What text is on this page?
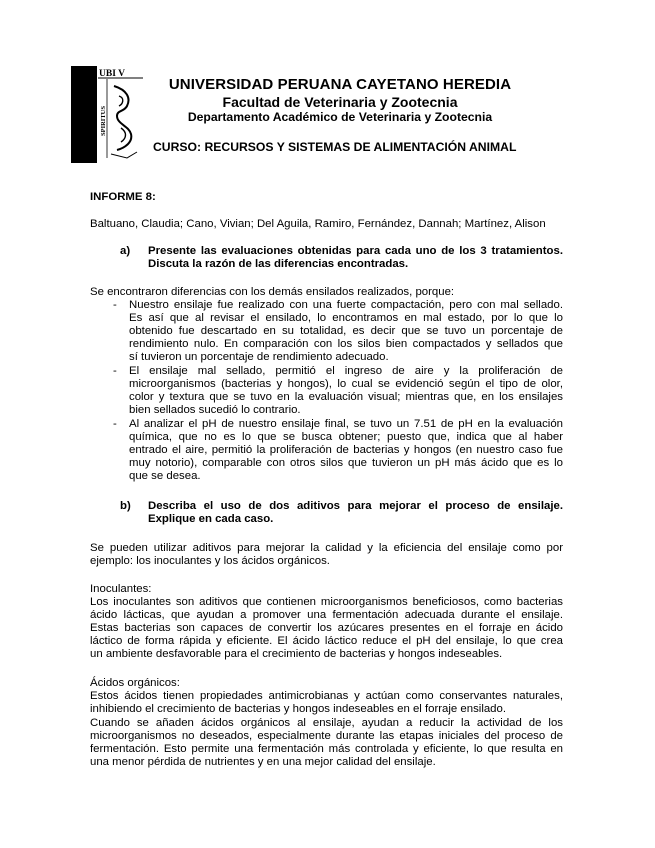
UBI V
SPIRITUS
UNIVERSIDAD PERUANA CAYETANO HEREDIA
Facultad de Veterinaria y Zootecnia
Departamento Académico de Veterinaria y Zootecnia
CURSO: RECURSOS Y SISTEMAS DE ALIMENTACIÓN ANIMAL
INFORME 8:
Baltuano, Claudia; Cano, Vivian; Del Aguila, Ramiro, Fernández, Dannah; Martínez, Alison
a) Presente las evaluaciones obtenidas para cada uno de los 3 tratamientos.
Discuta la razón de las diferencias encontradas.
Se encontraron diferencias con los demás ensilados realizados, porque:
- Nuestro ensilaje fue realizado con una fuerte compactación, pero con mal sellado.
Es así que al revisar el ensilado, lo encontramos en mal estado, por lo que lo
obtenido fue descartado en su totalidad, es decir que se tuvo un porcentaje de
rendimiento nulo. En comparación con los silos bien compactados y sellados que
sí tuvieron un porcentaje de rendimiento adecuado.
- El ensilaje mal sellado, permitió el ingreso de aire y la proliferación de
microorganismos (bacterias y hongos), lo cual se evidenció según el tipo de olor,
color y textura que se tuvo en la evaluación visual; mientras que, en los ensilajes
bien sellados sucedió lo contrario.
- Al analizar el pH de nuestro ensilaje final, se tuvo un 7.51 de pH en la evaluación
química, que no es lo que se busca obtener; puesto que, indica que al haber
entrado el aire, permitió la proliferación de bacterias y hongos (en nuestro caso fue
muy notorio), comparable con otros silos que tuvieron un pH más ácido que es lo
que se desea.
b) Describa el uso de dos aditivos para mejorar el proceso de ensilaje.
Explique en cada caso.
Se pueden utilizar aditivos para mejorar la calidad y la eficiencia del ensilaje como por
ejemplo: los inoculantes y los ácidos orgánicos.
Inoculantes:
Los inoculantes son aditivos que contienen microorganismos beneficiosos, como bacterias
ácido lácticas, que ayudan a promover una fermentación adecuada durante el ensilaje.
Estas bacterias son capaces de convertir los azúcares presentes en el forraje en ácido
láctico de forma rápida y eficiente. El ácido láctico reduce el pH del ensilaje, lo que crea
un ambiente desfavorable para el crecimiento de bacterias y hongos indeseables.
Ácidos orgánicos:
Estos ácidos tienen propiedades antimicrobianas y actúan como conservantes naturales,
inhibiendo el crecimiento de bacterias y hongos indeseables en el forraje ensilado.
Cuando se añaden ácidos orgánicos al ensilaje, ayudan a reducir la actividad de los
microorganismos no deseados, especialmente durante las etapas iniciales del proceso de
fermentación. Esto permite una fermentación más controlada y eficiente, lo que resulta en
una menor pérdida de nutrientes y en una mejor calidad del ensilaje.
